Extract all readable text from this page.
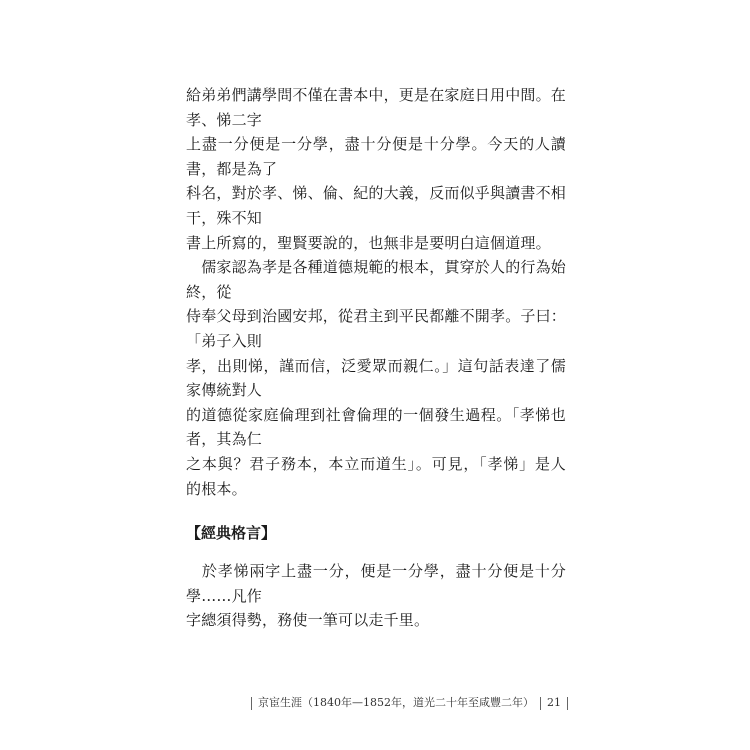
給弟弟們講學問不僅在書本中，更是在家庭日用中間。在孝、悌二字
上盡一分便是一分學，盡十分便是十分學。今天的人讀書，都是為了
科名，對於孝、悌、倫、紀的大義，反而似乎與讀書不相干，殊不知
書上所寫的，聖賢要說的，也無非是要明白這個道理。

　儒家認為孝是各種道德規範的根本，貫穿於人的行為始終，從
侍奉父母到治國安邦，從君主到平民都離不開孝。子曰：「弟子入則
孝，出則悌，謹而信，泛愛眾而親仁。」這句話表達了儒家傳統對人
的道德從家庭倫理到社會倫理的一個發生過程。「孝悌也者，其為仁
之本與？君子務本，本立而道生」。可見，「孝悌」是人的根本。

【經典格言】

　於孝悌兩字上盡一分，便是一分學，盡十分便是十分學……凡作
字總須得勢，務使一筆可以走千里。

京宦生涯（1840年—1852年，道光二十年至咸豐二年） 21
